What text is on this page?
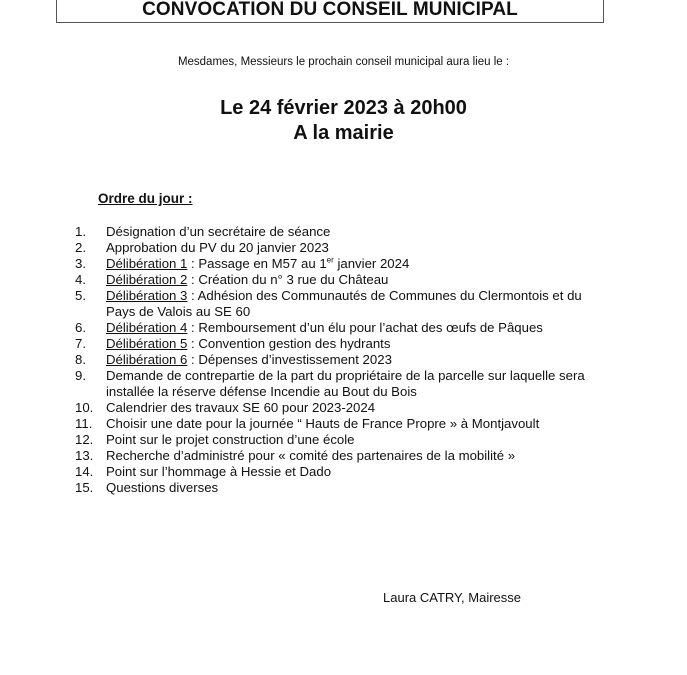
CONVOCATION DU CONSEIL MUNICIPAL
Mesdames, Messieurs le prochain conseil municipal aura lieu le :
Le 24 février 2023 à 20h00
A la mairie
Ordre du jour :
1. Désignation d’un secrétaire de séance
2. Approbation du PV du 20 janvier 2023
3. Délibération 1 : Passage en M57 au 1er janvier 2024
4. Délibération 2 : Création du n° 3 rue du Château
5. Délibération 3 : Adhésion des Communautés de Communes du Clermontois et du Pays de Valois au SE 60
6. Délibération 4 : Remboursement d’un élu pour l’achat des œufs de Pâques
7. Délibération 5 : Convention gestion des hydrants
8. Délibération 6 : Dépenses d’investissement 2023
9. Demande de contrepartie de la part du propriétaire de la parcelle sur laquelle sera installée la réserve défense Incendie au Bout du Bois
10. Calendrier des travaux SE 60 pour 2023-2024
11. Choisir une date pour la journée “ Hauts de France Propre » à Montjavoult
12. Point sur le projet construction d’une école
13. Recherche d’administré pour « comité des partenaires de la mobilité »
14. Point sur l’hommage à Hessie et Dado
15. Questions diverses
Laura CATRY, Mairesse
